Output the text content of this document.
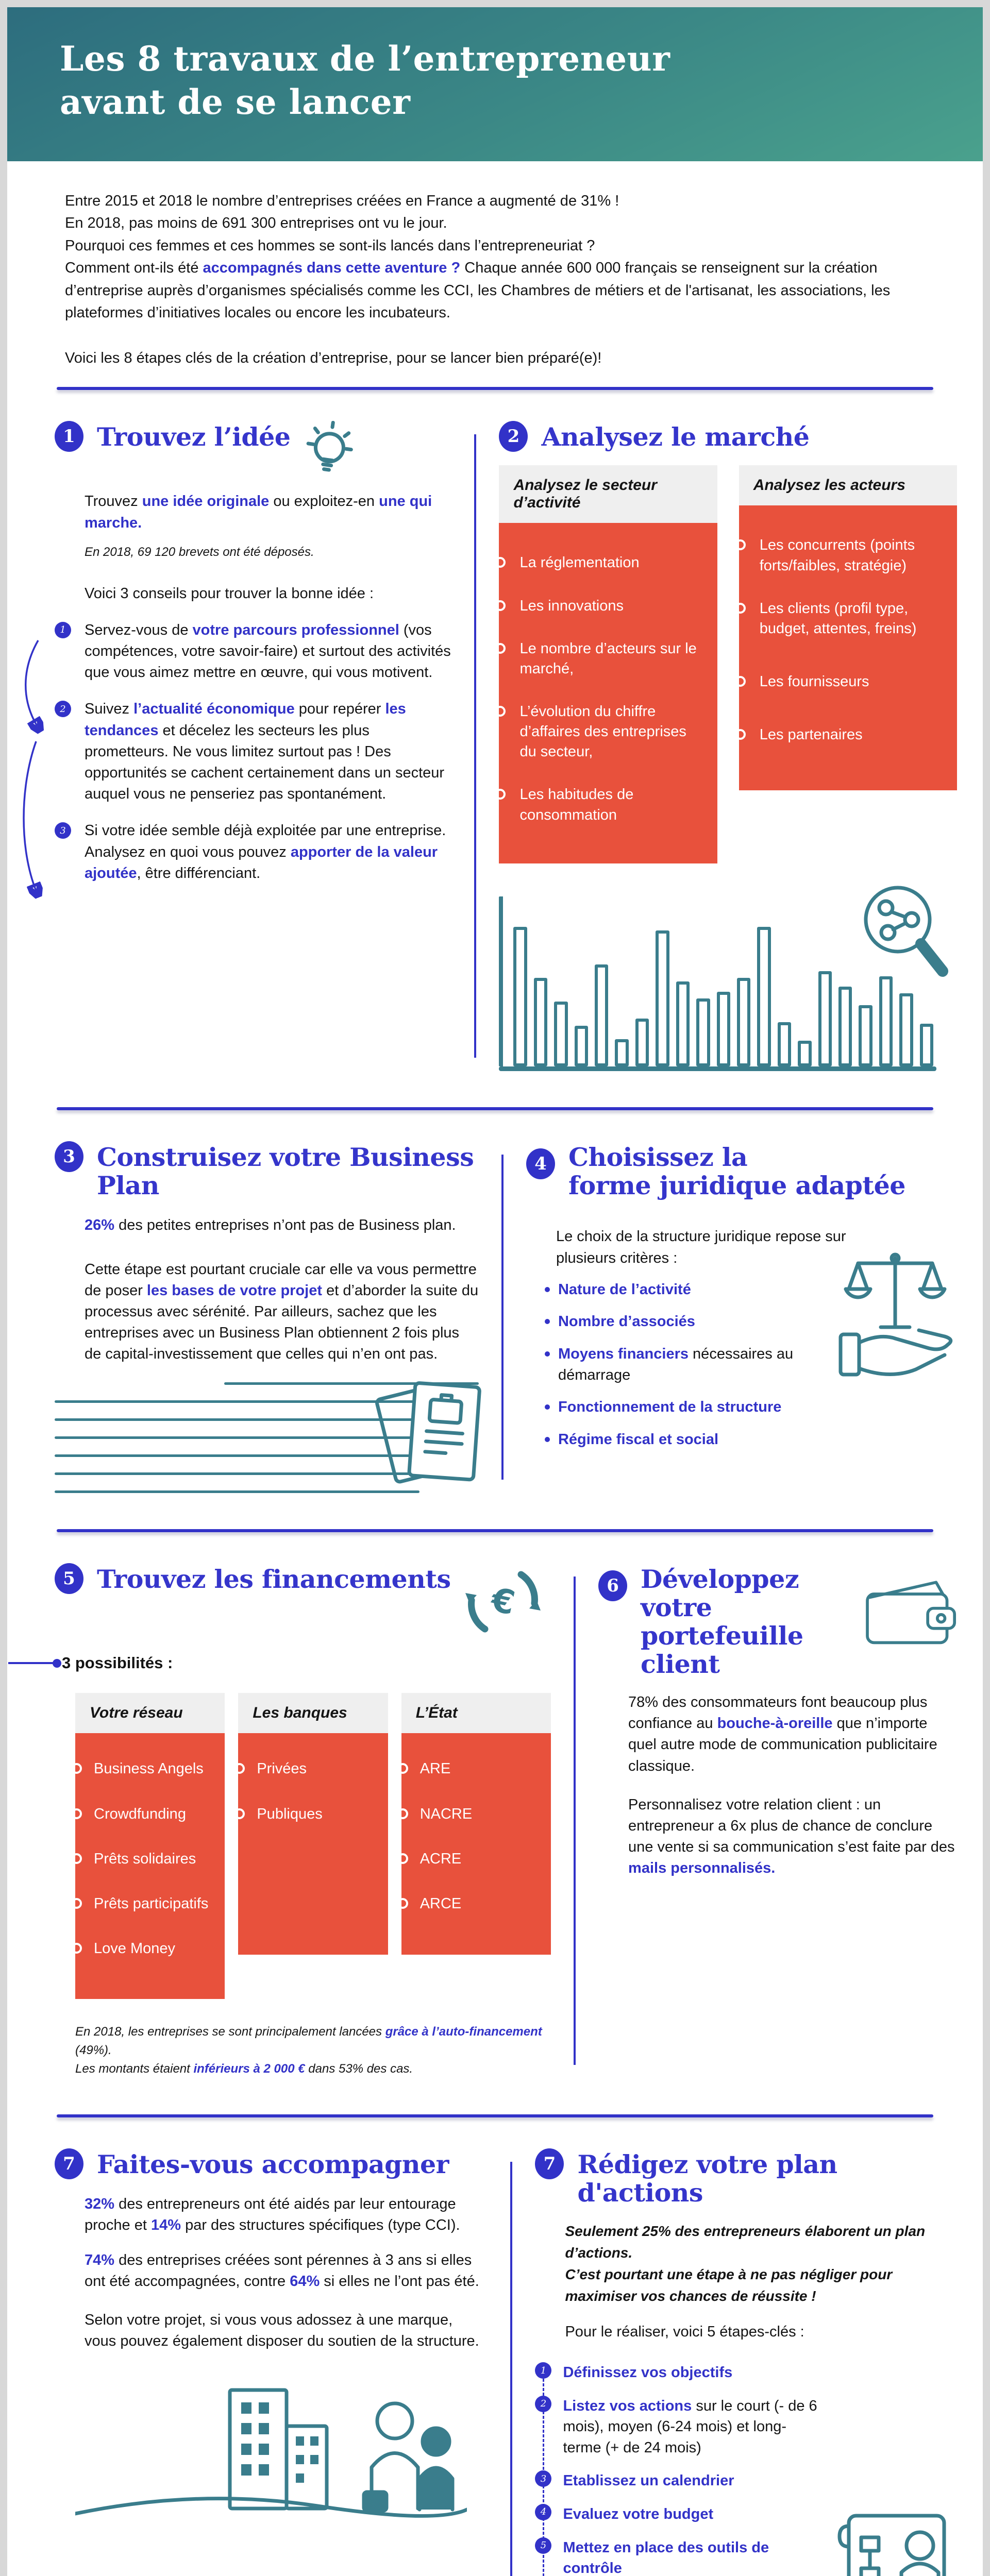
Les 8 travaux de l’entrepreneur
avant de se lancer

Entre 2015 et 2018 le nombre d’entreprises créées en France a augmenté de 31% !

En 2018, pas moins de 691 300 entreprises ont vu le jour.

Pourquoi ces femmes et ces hommes se sont-ils lancés dans l’entrepreneuriat ?

Comment ont-ils été accompagnés dans cette aventure ? Chaque année 600 000 français se renseignent sur la création d’entreprise auprès d’organismes spécialisés comme les CCI, les Chambres de métiers et de l'artisanat, les associations, les plateformes d’initiatives locales ou encore les incubateurs.

Voici les 8 étapes clés de la création d’entreprise, pour se lancer bien préparé(e)!

1 Trouvez l’idée

Trouvez une idée originale ou exploitez-en une qui marche.

En 2018, 69 120 brevets ont été déposés.

Voici 3 conseils pour trouver la bonne idée :

1	Servez-vous de votre parcours professionnel (vos compétences, votre savoir-faire) et surtout des activités que vous aimez mettre en œuvre, qui vous motivent.
2	Suivez l’actualité économique pour repérer les tendances et décelez les secteurs les plus prometteurs. Ne vous limitez surtout pas ! Des opportunités se cachent certainement dans un secteur auquel vous ne penseriez pas spontanément.
3	Si votre idée semble déjà exploitée par une entreprise. Analysez en quoi vous pouvez apporter de la valeur ajoutée, être différenciant.
2 Analysez le marché
Analysez le secteur d’activité
La réglementation
Les innovations
Le nombre d’acteurs sur le marché,
L’évolution du chiffre d’affaires des entreprises du secteur,
Les habitudes de consommation
Analysez les acteurs
Les concurrents (points forts/faibles, stratégie)
Les clients (profil type, budget, attentes, freins)
Les fournisseurs
Les partenaires
3 Construisez votre Business Plan

26% des petites entreprises n’ont pas de Business plan.

Cette étape est pourtant cruciale car elle va vous permettre de poser les bases de votre projet et d’aborder la suite du processus avec sérénité. Par ailleurs, sachez que les entreprises avec un Business Plan obtiennent 2 fois plus de capital-investissement que celles qui n’en ont pas.

4 Choisissez la
forme juridique adaptée

Le choix de la structure juridique repose sur plusieurs critères :

Nature de l’activité
Nombre d’associés
Moyens financiers nécessaires au démarrage
Fonctionnement de la structure
Régime fiscal et social
5 Trouvez les financements
€

3 possibilités :

Votre réseau
Business Angels
Crowdfunding
Prêts solidaires
Prêts participatifs
Love Money
Les banques
Privées
Publiques
L’État
ARE
NACRE
ACRE
ARCE

En 2018, les entreprises se sont principalement lancées grâce à l’auto-financement (49%).
Les montants étaient inférieurs à 2 000 € dans 53% des cas.

6 Développez votre
portefeuille client

78% des consommateurs font beaucoup plus confiance au bouche-à-oreille que n’importe quel autre mode de communication publicitaire classique.

Personnalisez votre relation client : un entrepreneur a 6x plus de chance de conclure une vente si sa communication s’est faite par des mails personnalisés.

7 Faites-vous accompagner

32% des entrepreneurs ont été aidés par leur entourage proche et 14% par des structures spécifiques (type CCI).

74% des entreprises créées sont pérennes à 3 ans si elles ont été accompagnées, contre 64% si elles ne l’ont pas été.

Selon votre projet, si vous vous adossez à une marque, vous pouvez également disposer du soutien de la structure.

7 Rédigez votre plan d'actions

Seulement 25% des entrepreneurs élaborent un plan d’actions.
C’est pourtant une étape à ne pas négliger pour maximiser vos chances de réussite !

Pour le réaliser, voici 5 étapes-clés :

1	Définissez vos objectifs
2	Listez vos actions sur le court (- de 6 mois), moyen (6-24 mois) et long-terme (+ de 24 mois)
3	Etablissez un calendrier
4	Evaluez votre budget
5	Mettez en place des outils de contrôle
